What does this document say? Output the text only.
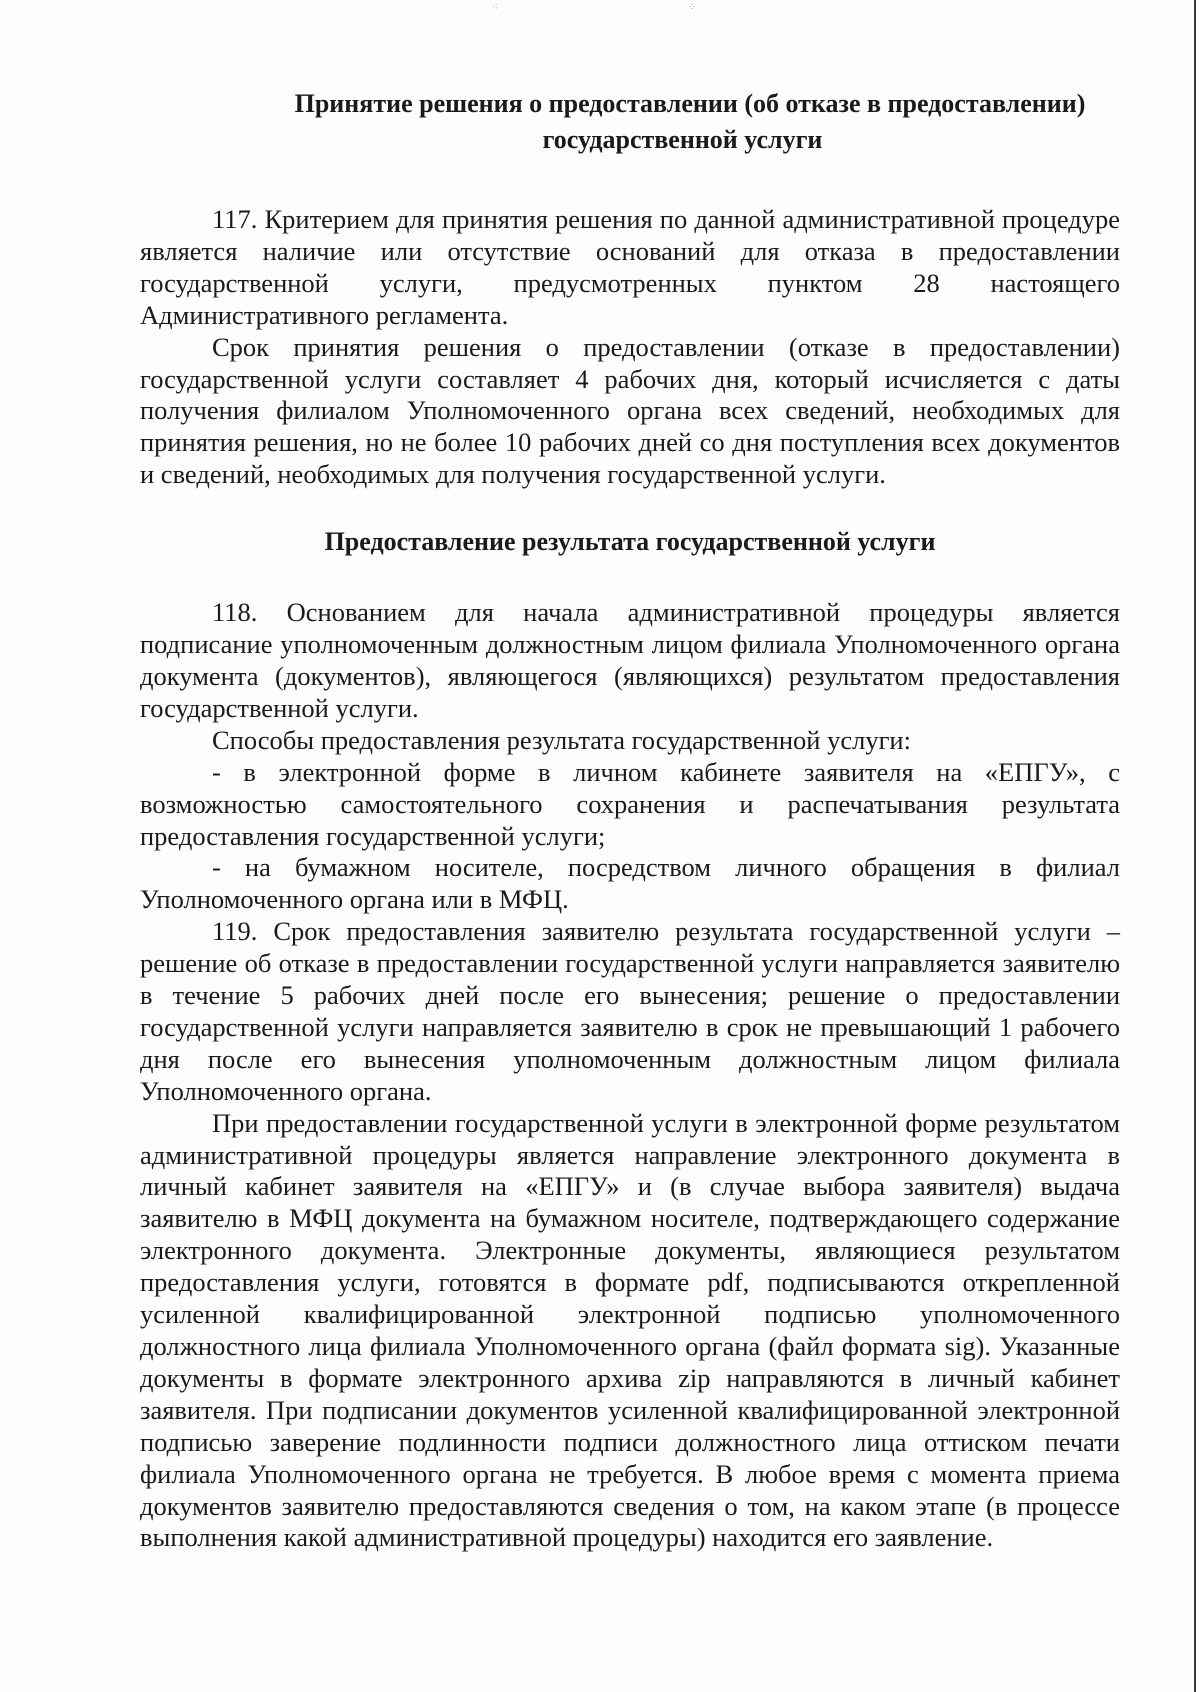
⁖	⁘
Принятие решения о предоставлении (об отказе в предоставлении)
государственной услуги

117. Критерием для принятия решения по данной административной процедуре является наличие или отсутствие оснований для отказа в предоставлении государственной услуги, предусмотренных пунктом 28 настоящего Административного регламента.

Срок принятия решения о предоставлении (отказе в предоставлении) государственной услуги составляет 4 рабочих дня, который исчисляется с даты получения филиалом Уполномоченного органа всех сведений, необходимых для принятия решения, но не более 10 рабочих дней со дня поступления всех документов и сведений, необходимых для получения государственной услуги.

Предоставление результата государственной услуги

118. Основанием для начала административной процедуры является подписание уполномоченным должностным лицом филиала Уполномоченного органа документа (документов), являющегося (являющихся) результатом предоставления государственной услуги.

Способы предоставления результата государственной услуги:

- в электронной форме в личном кабинете заявителя на «ЕПГУ», с возможностью самостоятельного сохранения и распечатывания результата предоставления государственной услуги;

- на бумажном носителе, посредством личного обращения в филиал Уполномоченного органа или в МФЦ.

119. Срок предоставления заявителю результата государственной услуги – решение об отказе в предоставлении государственной услуги направляется заявителю в течение 5 рабочих дней после его вынесения; решение о предоставлении государственной услуги направляется заявителю в срок не превышающий 1 рабочего дня после его вынесения уполномоченным должностным лицом филиала Уполномоченного органа.

При предоставлении государственной услуги в электронной форме результатом административной процедуры является направление электронного документа в личный кабинет заявителя на «ЕПГУ» и (в случае выбора заявителя) выдача заявителю в МФЦ документа на бумажном носителе, подтверждающего содержание электронного документа. Электронные документы, являющиеся результатом предоставления услуги, готовятся в формате pdf, подписываются открепленной усиленной квалифицированной электронной подписью уполномоченного должностного лица филиала Уполномоченного органа (файл формата sig). Указанные документы в формате электронного архива zip направляются в личный кабинет заявителя. При подписании документов усиленной квалифицированной электронной подписью заверение подлинности подписи должностного лица оттиском печати филиала Уполномоченного органа не требуется. В любое время с момента приема документов заявителю предоставляются сведения о том, на каком этапе (в процессе выполнения какой административной процедуры) находится его заявление.
